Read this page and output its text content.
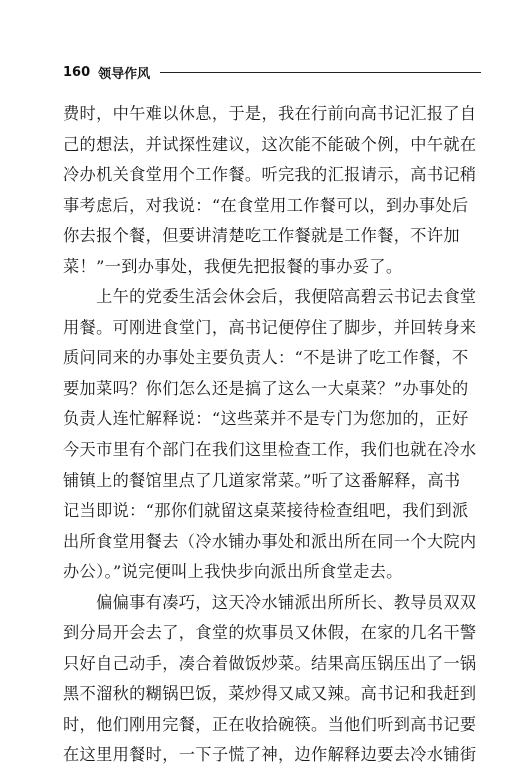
160 领导作风

费时，中午难以休息，于是，我在行前向高书记汇报了自

己的想法，并试探性建议，这次能不能破个例，中午就在

冷办机关食堂用个工作餐。听完我的汇报请示，高书记稍

事考虑后，对我说：“在食堂用工作餐可以，到办事处后

你去报个餐，但要讲清楚吃工作餐就是工作餐，不许加

菜！”一到办事处，我便先把报餐的事办妥了。

　　上午的党委生活会休会后，我便陪高碧云书记去食堂

用餐。可刚进食堂门，高书记便停住了脚步，并回转身来

质问同来的办事处主要负责人：“不是讲了吃工作餐，不

要加菜吗？你们怎么还是搞了这么一大桌菜？”办事处的

负责人连忙解释说：“这些菜并不是专门为您加的，正好

今天市里有个部门在我们这里检查工作，我们也就在冷水

铺镇上的餐馆里点了几道家常菜。”听了这番解释，高书

记当即说：“那你们就留这桌菜接待检查组吧，我们到派

出所食堂用餐去（冷水铺办事处和派出所在同一个大院内

办公）。”说完便叫上我快步向派出所食堂走去。

　　偏偏事有凑巧，这天冷水铺派出所所长、教导员双双

到分局开会去了，食堂的炊事员又休假，在家的几名干警

只好自己动手，凑合着做饭炒菜。结果高压锅压出了一锅

黑不溜秋的糊锅巴饭，菜炒得又咸又辣。高书记和我赶到

时，他们刚用完餐，正在收拾碗筷。当他们听到高书记要

在这里用餐时，一下子慌了神，边作解释边要去冷水铺街
